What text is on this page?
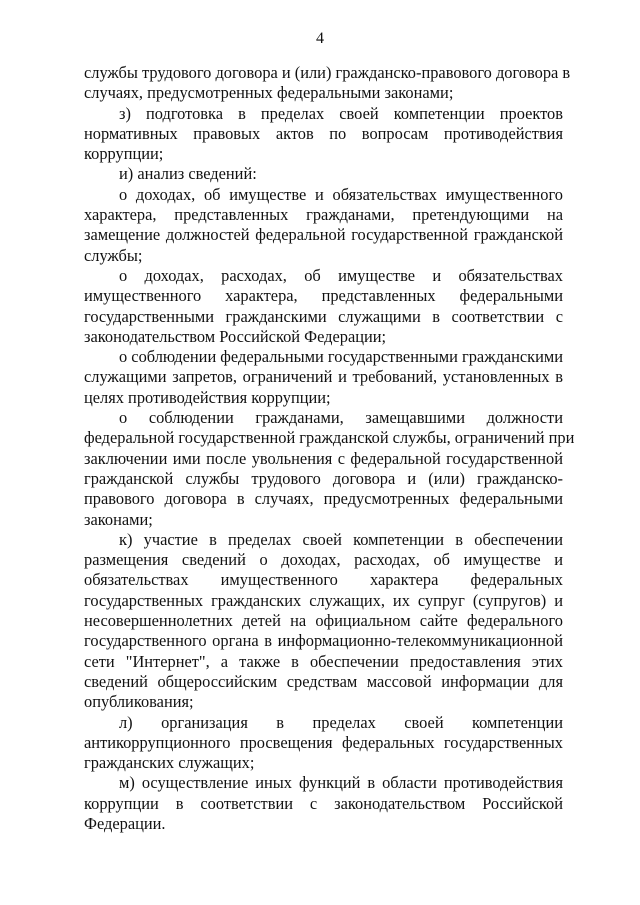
4
службы трудового договора и (или) гражданско-правового договора в
случаях, предусмотренных федеральными законами;
з) подготовка в пределах своей компетенции проектов
нормативных правовых актов по вопросам противодействия
коррупции;
и) анализ сведений:
о доходах, об имуществе и обязательствах имущественного
характера, представленных гражданами, претендующими на
замещение должностей федеральной государственной гражданской
службы;
о доходах, расходах, об имуществе и обязательствах
имущественного характера, представленных федеральными
государственными гражданскими служащими в соответствии с
законодательством Российской Федерации;
о соблюдении федеральными государственными гражданскими
служащими запретов, ограничений и требований, установленных в
целях противодействия коррупции;
о соблюдении гражданами, замещавшими должности
федеральной государственной гражданской службы, ограничений при
заключении ими после увольнения с федеральной государственной
гражданской службы трудового договора и (или) гражданско-
правового договора в случаях, предусмотренных федеральными
законами;
к) участие в пределах своей компетенции в обеспечении
размещения сведений о доходах, расходах, об имуществе и
обязательствах имущественного характера федеральных
государственных гражданских служащих, их супруг (супругов) и
несовершеннолетних детей на официальном сайте федерального
государственного органа в информационно-телекоммуникационной
сети "Интернет", а также в обеспечении предоставления этих
сведений общероссийским средствам массовой информации для
опубликования;
л) организация в пределах своей компетенции
антикоррупционного просвещения федеральных государственных
гражданских служащих;
м) осуществление иных функций в области противодействия
коррупции в соответствии с законодательством Российской
Федерации.
